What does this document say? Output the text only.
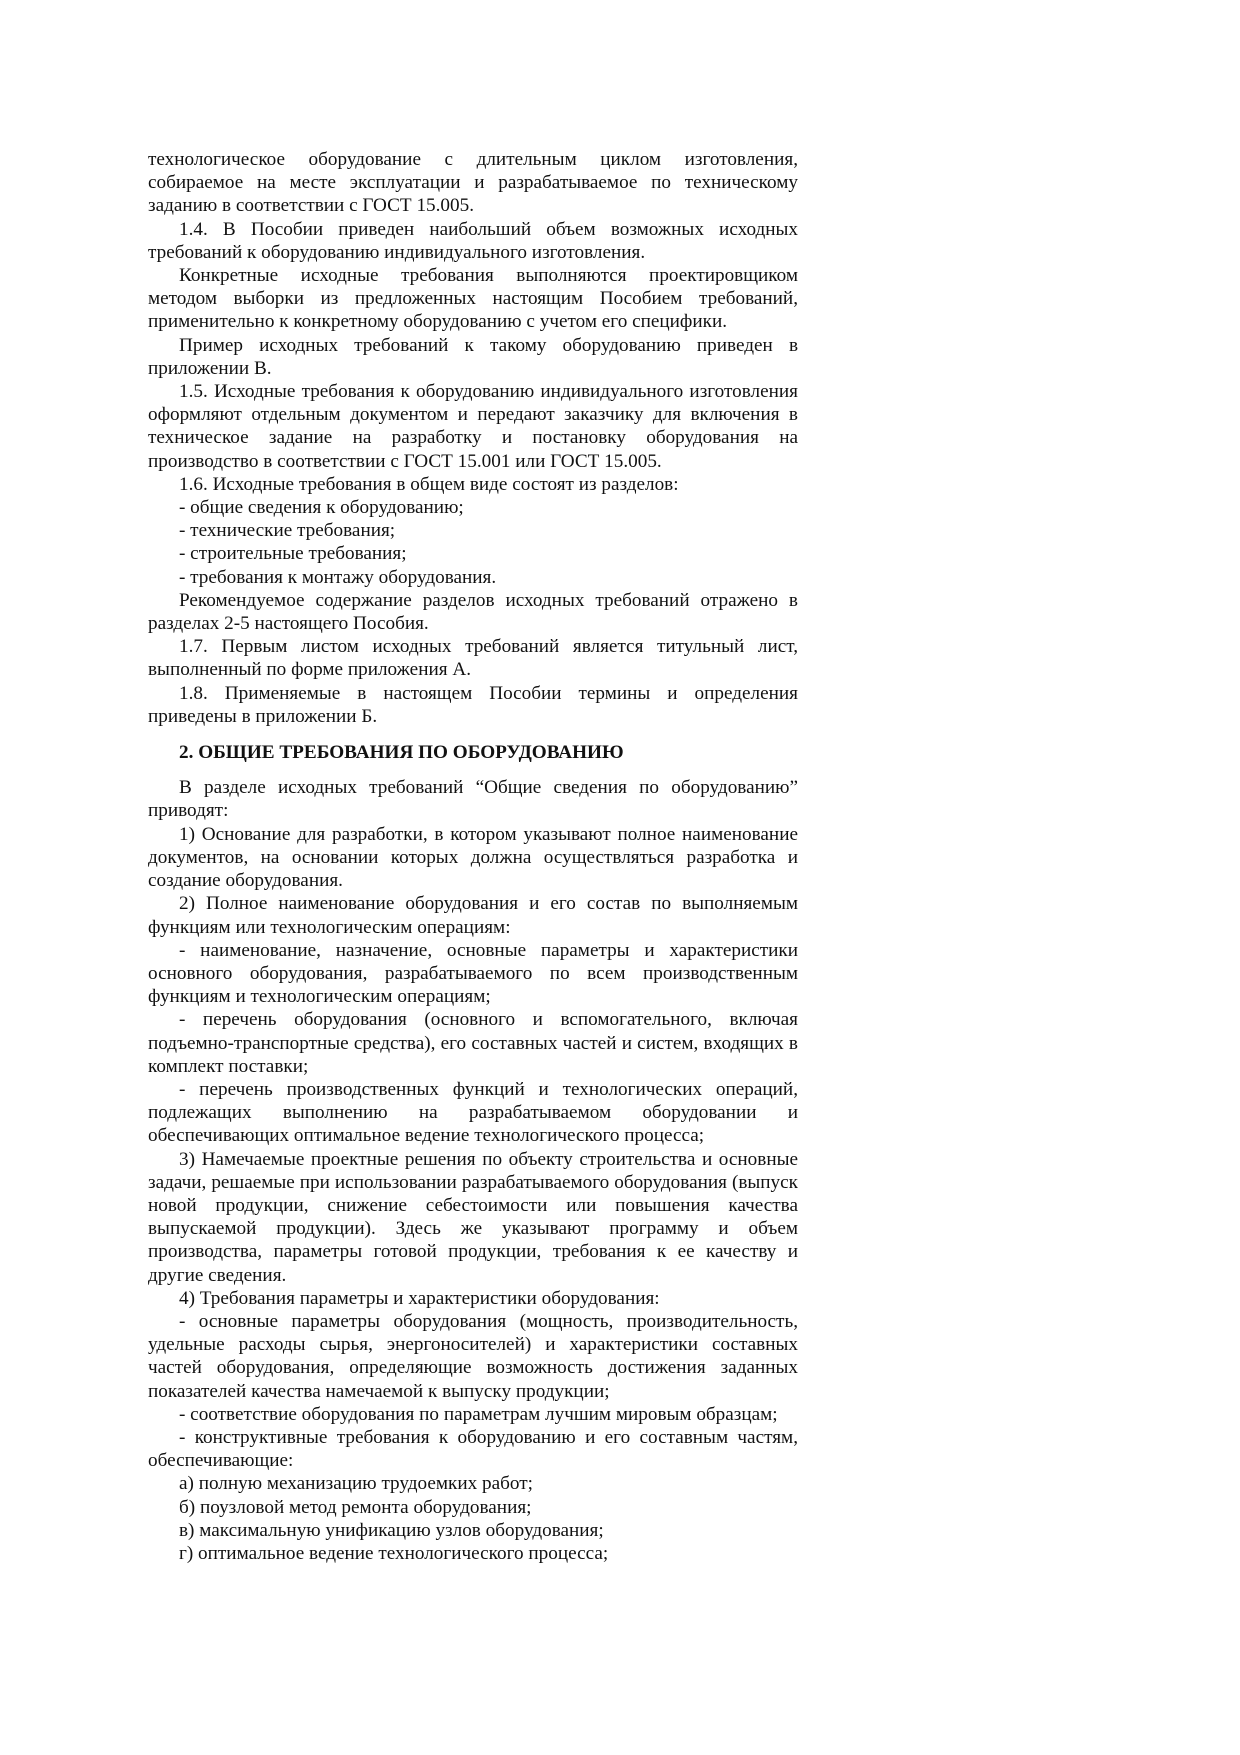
технологическое оборудование с длительным циклом изготовления, собираемое на месте эксплуатации и разрабатываемое по техническому заданию в соответствии с ГОСТ 15.005.

1.4. В Пособии приведен наибольший объем возможных исходных требований к оборудованию индивидуального изготовления.

Конкретные исходные требования выполняются проектировщиком методом выборки из предложенных настоящим Пособием требований, применительно к конкретному оборудованию с учетом его специфики.

Пример исходных требований к такому оборудованию приведен в приложении В.

1.5. Исходные требования к оборудованию индивидуального изготовления оформляют отдельным документом и передают заказчику для включения в техническое задание на разработку и постановку оборудования на производство в соответствии с ГОСТ 15.001 или ГОСТ 15.005.

1.6. Исходные требования в общем виде состоят из разделов:

- общие сведения к оборудованию;

- технические требования;

- строительные требования;

- требования к монтажу оборудования.

Рекомендуемое содержание разделов исходных требований отражено в разделах 2-5 настоящего Пособия.

1.7. Первым листом исходных требований является титульный лист, выполненный по форме приложения А.

1.8. Применяемые в настоящем Пособии термины и определения приведены в приложении Б.

2. ОБЩИЕ ТРЕБОВАНИЯ ПО ОБОРУДОВАНИЮ

В разделе исходных требований “Общие сведения по оборудованию” приводят:

1) Основание для разработки, в котором указывают полное наименование документов, на основании которых должна осуществляться разработка и создание оборудования.

2) Полное наименование оборудования и его состав по выполняемым функциям или технологическим операциям:

- наименование, назначение, основные параметры и характеристики основного оборудования, разрабатываемого по всем производственным функциям и технологическим операциям;

- перечень оборудования (основного и вспомогательного, включая подъемно-транспортные средства), его составных частей и систем, входящих в комплект поставки;

- перечень производственных функций и технологических операций, подлежащих выполнению на разрабатываемом оборудовании и обеспечивающих оптимальное ведение технологического процесса;

3) Намечаемые проектные решения по объекту строительства и основные задачи, решаемые при использовании разрабатываемого оборудования (выпуск новой продукции, снижение себестоимости или повышения качества выпускаемой продукции). Здесь же указывают программу и объем производства, параметры готовой продукции, требования к ее качеству и другие сведения.

4) Требования параметры и характеристики оборудования:

- основные параметры оборудования (мощность, производительность, удельные расходы сырья, энергоносителей) и характеристики составных частей оборудования, определяющие возможность достижения заданных показателей качества намечаемой к выпуску продукции;

- соответствие оборудования по параметрам лучшим мировым образцам;

- конструктивные требования к оборудованию и его составным частям, обеспечивающие:

а) полную механизацию трудоемких работ;

б) поузловой метод ремонта оборудования;

в) максимальную унификацию узлов оборудования;

г) оптимальное ведение технологического процесса;
